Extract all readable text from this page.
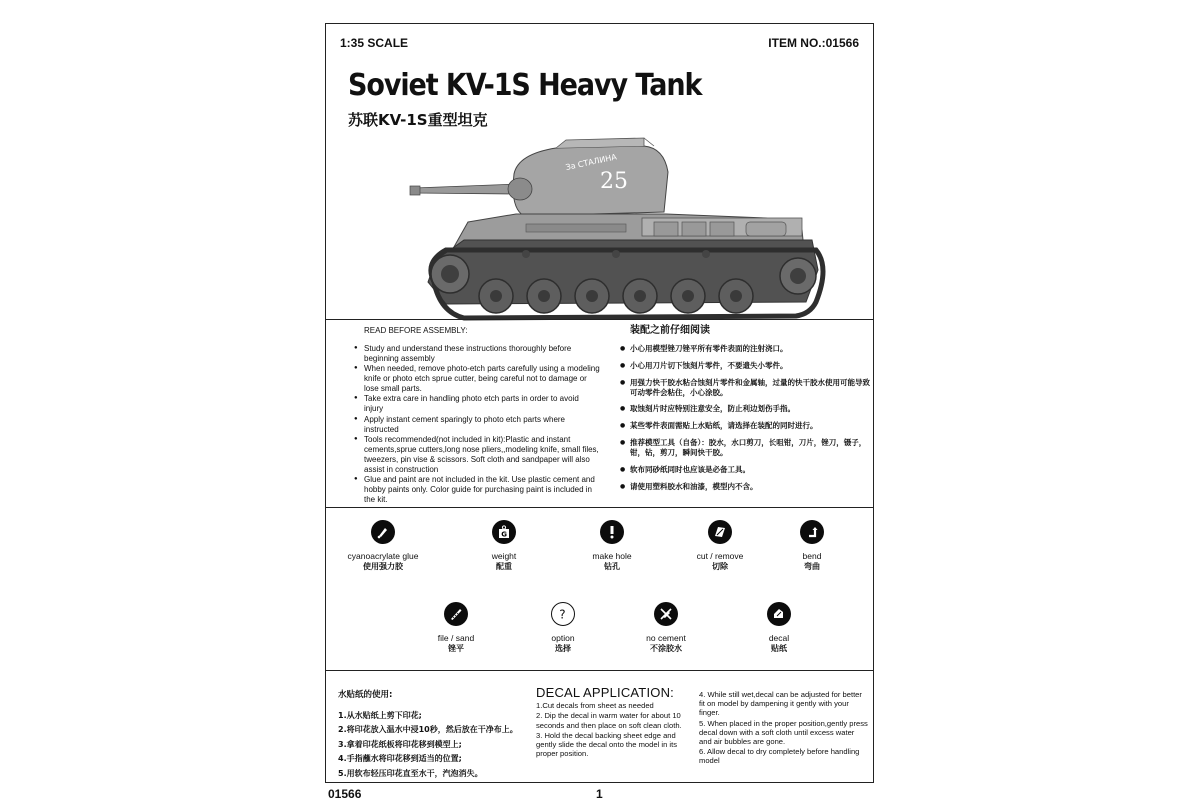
1:35 SCALE	ITEM NO.:01566
Soviet KV-1S Heavy Tank
苏联KV-1S重型坦克
За СТАЛИНА
25
READ BEFORE ASSEMBLY:
● Study and understand these instructions thoroughly before beginning assembly
● When needed, remove photo-etch parts carefully using a modeling knife or photo etch sprue cutter, being careful not to damage or lose small parts.
● Take extra care in handling photo etch parts in order to avoid injury
● Apply instant cement sparingly to photo etch parts where instructed
● Tools recommended(not included in kit):Plastic and instant cements,sprue cutters,long nose pliers,,modeling knife, small files, tweezers, pin vise & scissors. Soft cloth and sandpaper will also assist in construction
● Glue and paint are not included in the kit. Use plastic cement and hobby paints only. Color guide for purchasing paint is included in the kit.
装配之前仔细阅读
● 小心用模型锉刀锉平所有零件表面的注射浇口。
● 小心用刀片切下蚀刻片零件，不要遗失小零件。
● 用强力快干胶水粘合蚀刻片零件和金属轴，过量的快干胶水使用可能导致可动零件会粘住，小心涂胶。
● 取蚀刻片时应特别注意安全，防止利边划伤手指。
● 某些零件表面需贴上水贴纸，请选择在装配的同时进行。
● 推荐模型工具（自备）：胶水，水口剪刀，长咀钳，刀片，锉刀，镊子，钳，钻，剪刀，瞬间快干胶。
● 软布同砂纸同时也应该是必备工具。
● 请使用塑料胶水和油漆，模型内不含。
cyanoacrylate glue
使用强力胶
G
weight
配重
make hole
钻孔
cut / remove
切除
bend
弯曲
file / sand
锉平
?
option
选择
no cement
不涂胶水
decal
贴纸
水贴纸的使用:
1.从水贴纸上剪下印花;
2.将印花放入温水中浸10秒，然后放在干净布上。
3.拿着印花纸板将印花移到模型上;
4.手指蘸水将印花移到适当的位置;
5.用软布轻压印花直至水干，汽泡消失。
DECAL APPLICATION:
1.Cut decals from sheet as needed
2. Dip the decal in warm water for about 10 seconds and then place on soft clean cloth.
3. Hold the decal backing sheet edge and gently slide the decal onto the model in its proper position.
4. While still wet,decal can be adjusted for better fit on model by dampening it gently with your finger.
5. When placed in the proper position,gently press decal down with a soft cloth until excess water and air bubbles are gone.
6. Allow decal to dry completely before handling model
01566	1
